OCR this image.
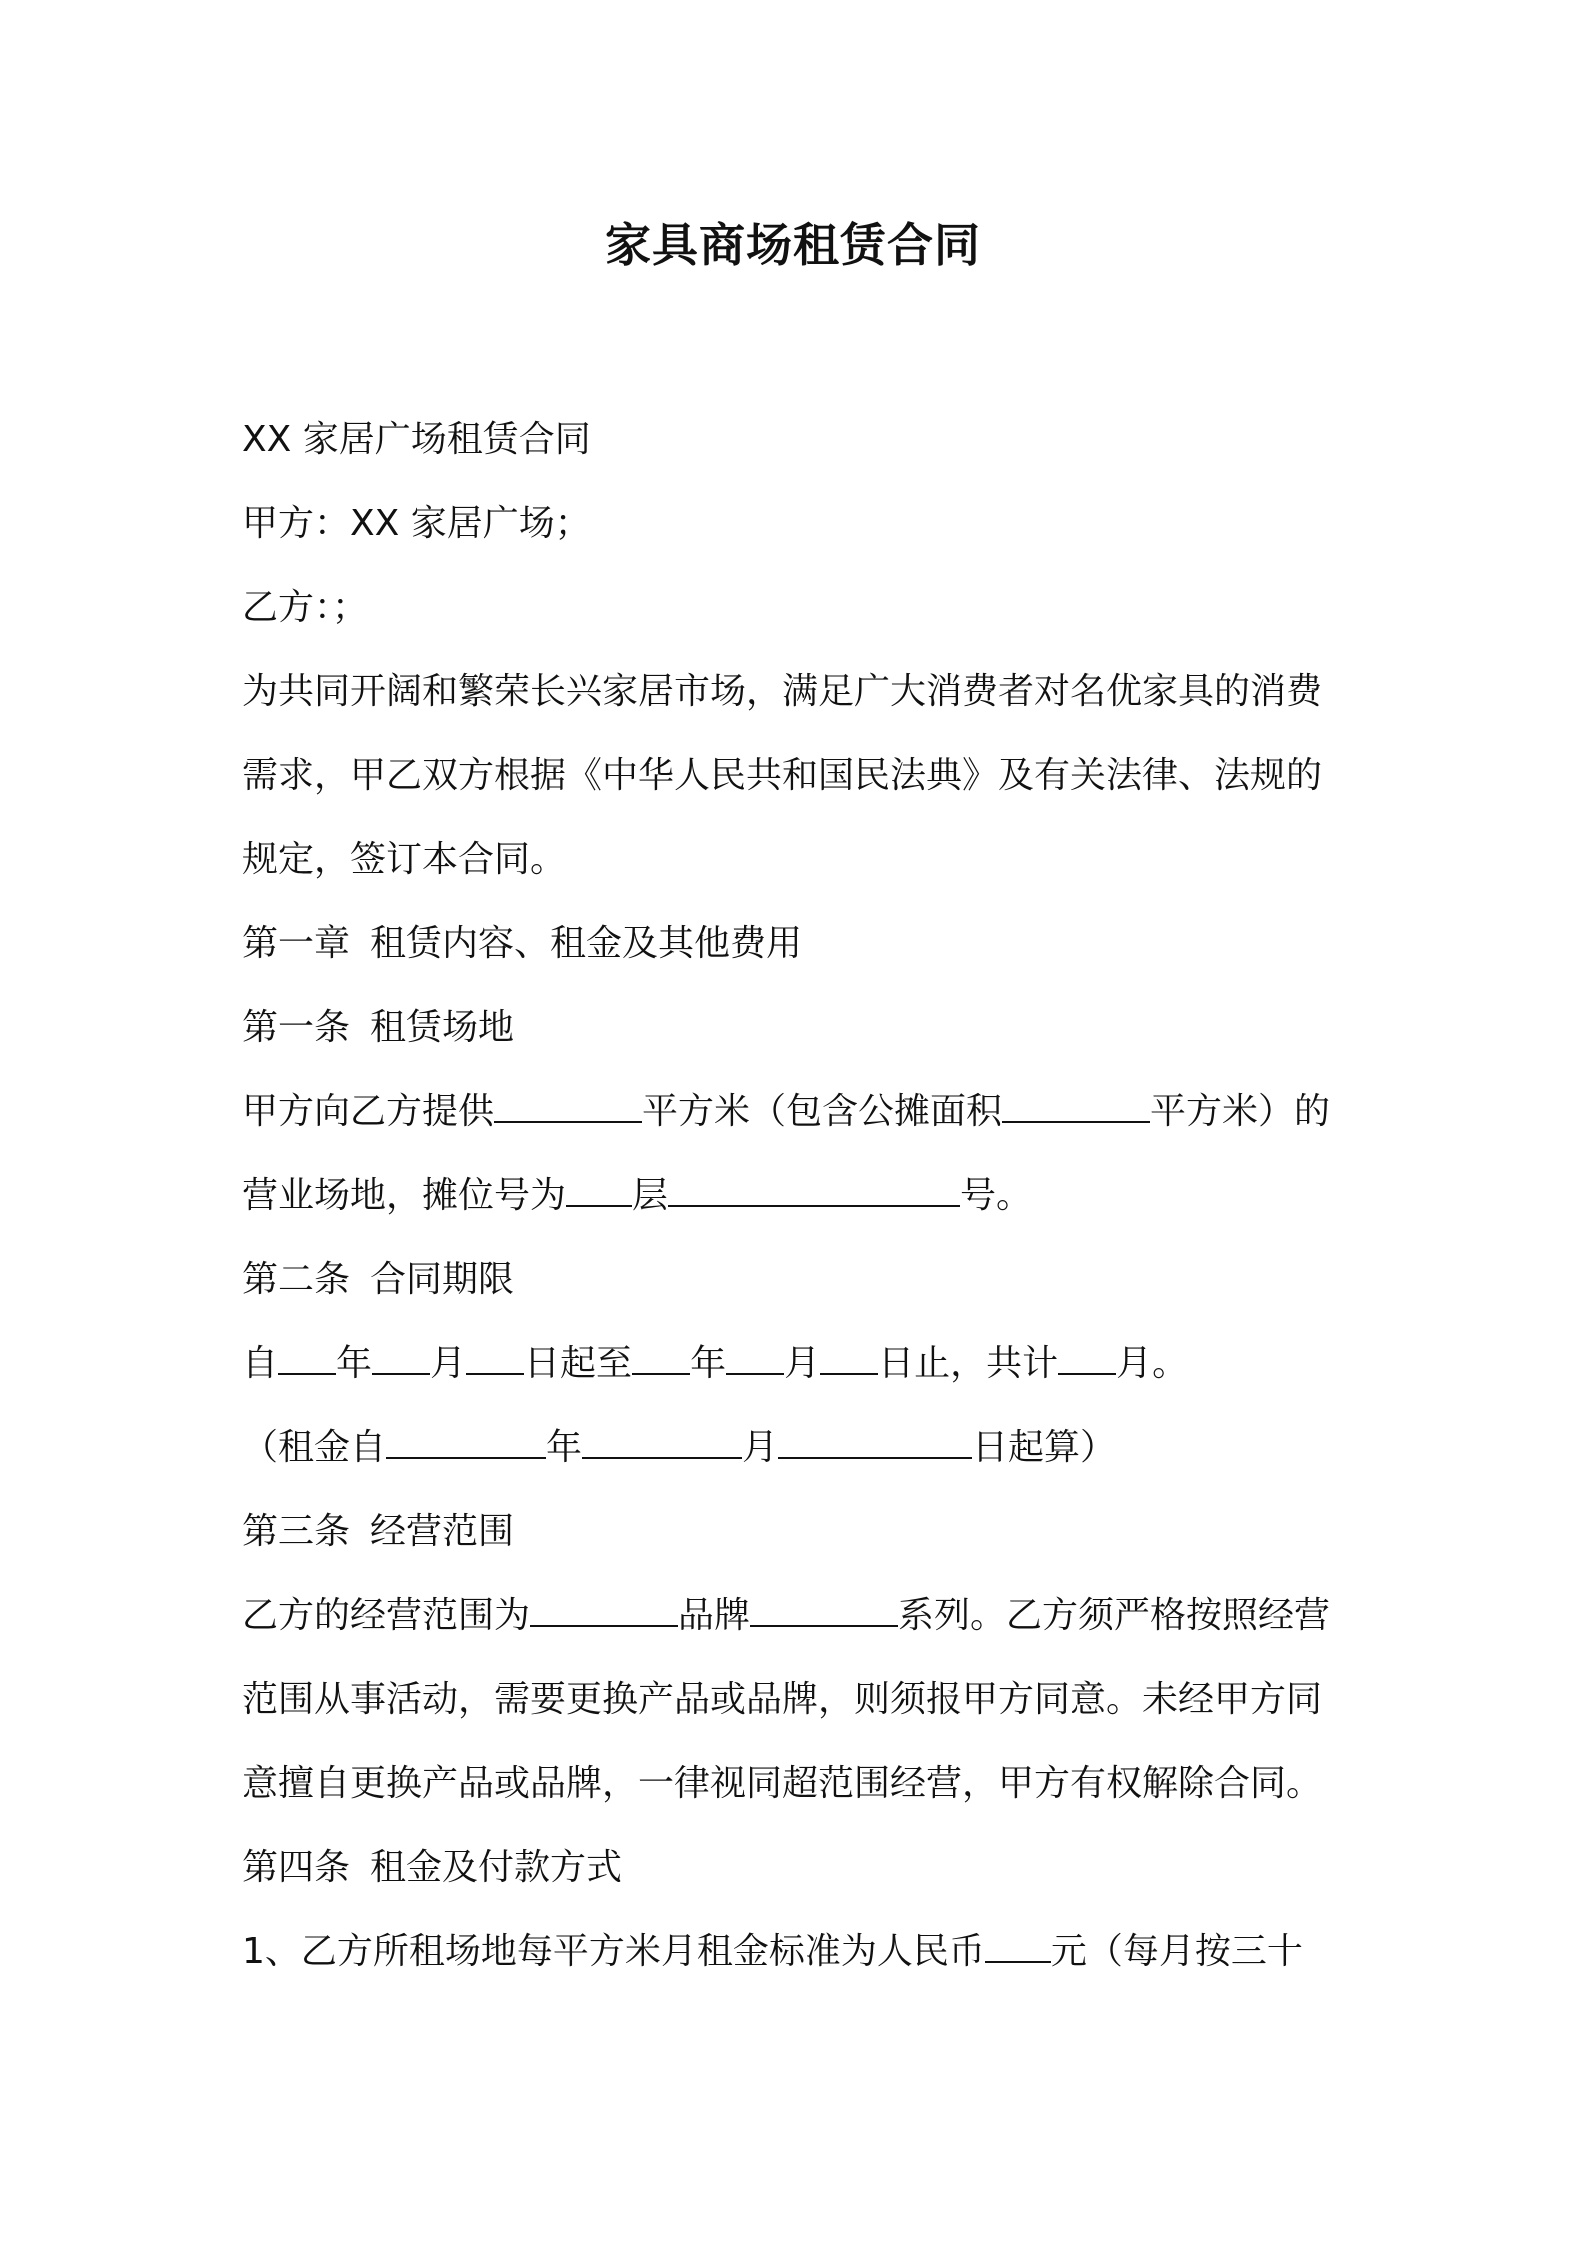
家具商场租赁合同
XX 家居广场租赁合同
甲方：XX 家居广场；
乙方：；
为共同开阔和繁荣长兴家居市场，满足广大消费者对名优家具的消费
需求，甲乙双方根据《中华人民共和国民法典》及有关法律、法规的
规定，签订本合同。
第一章 租赁内容、租金及其他费用
第一条 租赁场地
甲方向乙方提供	平方米（包含公摊面积	平方米）的
营业场地，摊位号为 层	号。
第二条 合同期限
自 年 月 日起至 年 月 日止，共计 月。
（租金自	年	月	日起算）
第三条 经营范围
乙方的经营范围为	品牌	系列。乙方须严格按照经营
范围从事活动，需要更换产品或品牌，则须报甲方同意。未经甲方同
意擅自更换产品或品牌，一律视同超范围经营，甲方有权解除合同。
第四条 租金及付款方式
1、乙方所租场地每平方米月租金标准为人民币 元（每月按三十
